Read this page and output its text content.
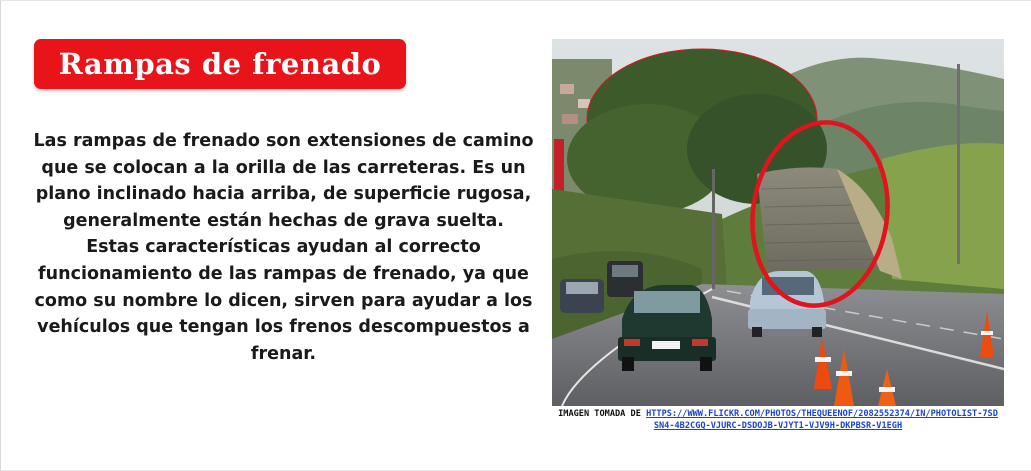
Rampas de frenado

Las rampas de frenado son extensiones de camino que se colocan a la orilla de las carreteras. Es un plano inclinado hacia arriba, de superficie rugosa, generalmente están hechas de grava suelta.

Estas características ayudan al correcto funcionamiento de las rampas de frenado, ya que como su nombre lo dicen, sirven para ayudar a los vehículos que tengan los frenos descompuestos a frenar.

IMAGEN TOMADA DE HTTPS://WWW.FLICKR.COM/PHOTOS/THEQUEENOF/2082552374/IN/PHOTOLIST-7SDSN4-4B2CGQ-VJURC-DSDOJB-VJYT1-VJV9H-DKPBSR-V1EGH
